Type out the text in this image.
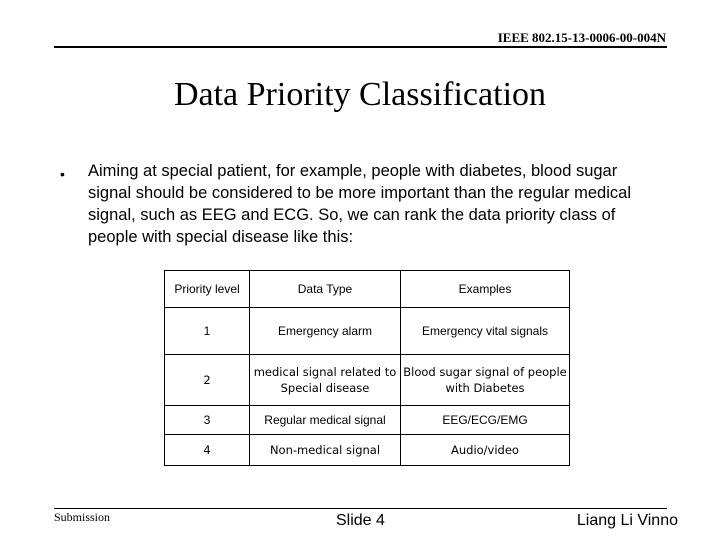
IEEE 802.15-13-0006-00-004N
Data Priority Classification
• Aiming at special patient, for example, people with diabetes, blood sugar signal should be considered to be more important than the regular medical signal, such as EEG and ECG. So, we can rank the data priority class of people with special disease like this:
Priority level	Data Type	Examples
1	Emergency alarm	Emergency vital signals
2	medical signal related to Special disease	Blood sugar signal of people with Diabetes
3	Regular medical signal	EEG/ECG/EMG
4	Non-medical signal	Audio/video
Submission	Slide 4	Liang Li Vinno
